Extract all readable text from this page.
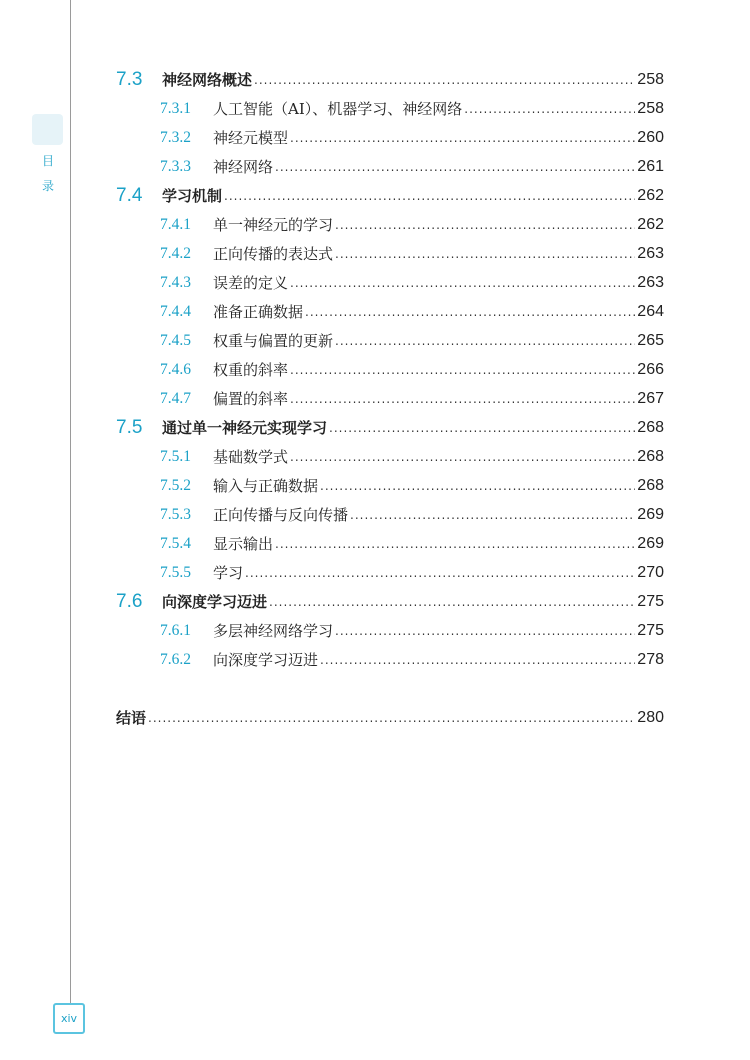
目
录
7.3	神经网络概述 .....	258
7.3.1	人工智能（AI）、机器学习、神经网络 .....	258
7.3.2	神经元模型 .....	260
7.3.3	神经网络 .....	261
7.4	学习机制 .....	262
7.4.1	单一神经元的学习 .....	262
7.4.2	正向传播的表达式 .....	263
7.4.3	误差的定义 .....	263
7.4.4	准备正确数据 .....	264
7.4.5	权重与偏置的更新 .....	265
7.4.6	权重的斜率 .....	266
7.4.7	偏置的斜率 .....	267
7.5	通过单一神经元实现学习 .....	268
7.5.1	基础数学式 .....	268
7.5.2	输入与正确数据 .....	268
7.5.3	正向传播与反向传播 .....	269
7.5.4	显示输出 .....	269
7.5.5	学习 .....	270
7.6	向深度学习迈进 .....	275
7.6.1	多层神经网络学习 .....	275
7.6.2	向深度学习迈进 .....	278
结语 .....	280
xiv
